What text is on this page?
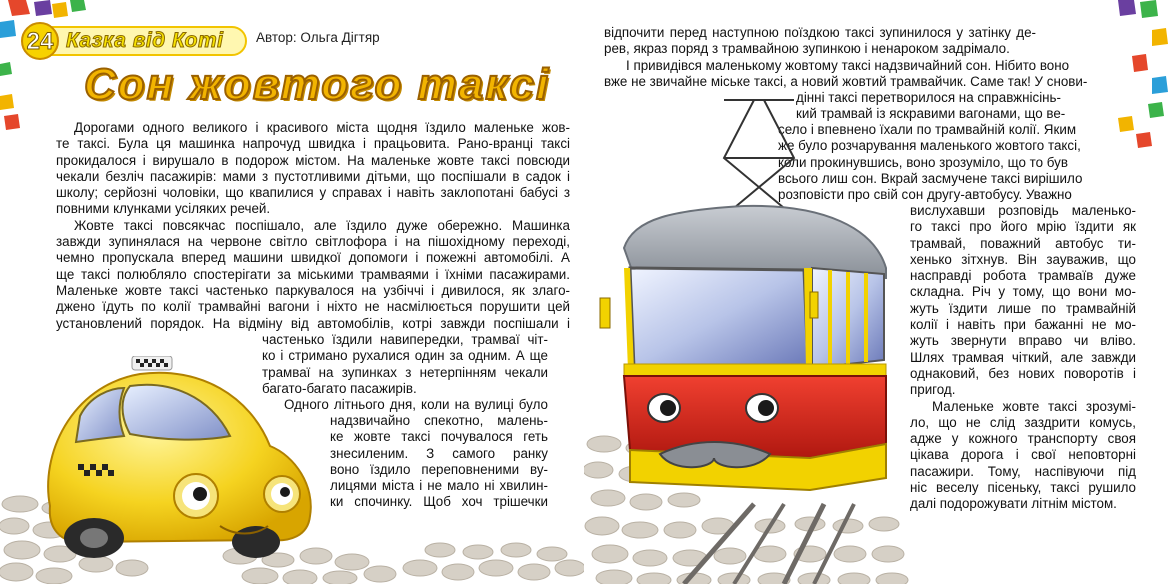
24 Казка від Коті Автор: Ольга Дігтяр
Сон жовтого таксі
Дорогами одного великого і красивого міста щодня їздило маленьке жов-
те таксі. Була ця машинка напрочуд швидка і працьовита. Рано-вранці таксі
прокидалося і вирушало в подорож містом. На маленьке жовте таксі повсюди
чекали безліч пасажирів: мами з пустотливими дітьми, що поспішали в садок і
школу; серйозні чоловіки, що квапилися у справах і навіть заклопотані бабусі з
повними клунками усіляких речей.
Жовте таксі повсякчас поспішало, але їздило дуже обережно. Машинка
завжди зупинялася на червоне світло світлофора і на пішохідному переході,
чемно пропускала вперед машини швидкої допомоги і пожежні автомобілі. А
ще таксі полюбляло спостерігати за міськими трамваями і їхніми пасажирами.
Маленьке жовте таксі частенько паркувалося на узбіччі і дивилося, як злаго-
джено їдуть по колії трамвайні вагони і ніхто не насмілюється порушити цей
установлений порядок. На відміну від автомобілів, котрі завжди поспішали і
частенько їздили навипередки, трамваї чіт-
ко і стримано рухалися один за одним. А ще
трамваї на зупинках з нетерпінням чекали
багато-багато пасажирів.
Одного літнього дня, коли на вулиці було
надзвичайно спекотно, малень-
ке жовте таксі почувалося геть
знесиленим. З самого ранку
воно їздило переповненими ву-
лицями міста і не мало ні хвилин-
ки спочинку. Щоб хоч трішечки
відпочити перед наступною поїздкою таксі зупинилося у затінку де-
рев, якраз поряд з трамвайною зупинкою і ненароком задрімало.
І привидівся маленькому жовтому таксі надзвичайний сон. Нібито воно
вже не звичайне міське таксі, а новий жовтий трамвайчик. Саме так! У снови-
дінні таксі перетворилося на справжнісінь-
кий трамвай із яскравими вагонами, що ве-
село і впевнено їхали по трамвайній колії. Яким
же було розчарування маленького жовтого таксі,
коли прокинувшись, воно зрозуміло, що то був
всього лиш сон. Вкрай засмучене таксі вирішило
розповісти про свій сон другу-автобусу. Уважно
вислухавши розповідь маленько-
го таксі про його мрію їздити як
трамвай, поважний автобус ти-
хенько зітхнув. Він зауважив, що
насправді робота трамваїв дуже
складна. Річ у тому, що вони мо-
жуть їздити лише по трамвайній
колії і навіть при бажанні не мо-
жуть звернути вправо чи вліво.
Шлях трамвая чіткий, але завжди
однаковий, без нових поворотів і
пригод.
Маленьке жовте таксі зрозумі-
ло, що не слід заздрити комусь,
адже у кожного транспорту своя
цікава дорога і свої неповторні
пасажири. Тому, наспівуючи під
ніс веселу пісеньку, таксі рушило
далі подорожувати літнім містом.
